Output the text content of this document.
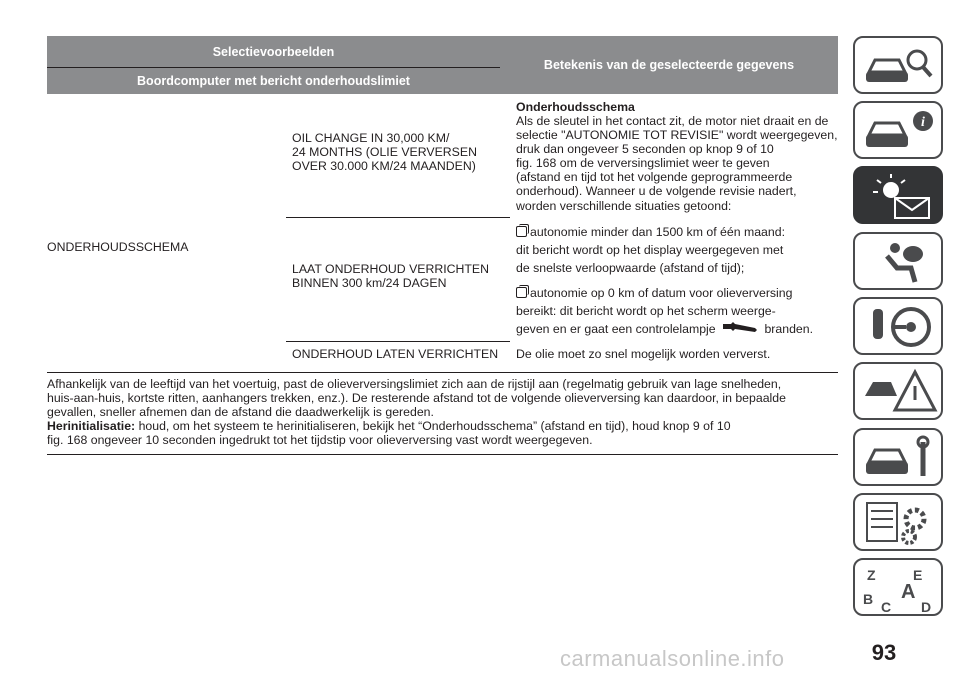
Selectievoorbeelden
Boordcomputer met bericht onderhoudslimiet
Betekenis van de geselecteerde gegevens
ONDERHOUDSSCHEMA
OIL CHANGE IN 30,000 KM/
24 MONTHS (OLIE VERVERSEN
OVER 30.000 KM/24 MAANDEN)
LAAT ONDERHOUD VERRICHTEN
BINNEN 300 km/24 DAGEN
ONDERHOUD LATEN VERRICHTEN
Onderhoudsschema
Als de sleutel in het contact zit, de motor niet draait en de
selectie "AUTONOMIE TOT REVISIE" wordt weergegeven,
druk dan ongeveer 5 seconden op knop 9 of 10
fig. 168 om de verversingslimiet weer te geven
(afstand en tijd tot het volgende geprogrammeerde
onderhoud). Wanneer u de volgende revisie nadert,
worden verschillende situaties getoond:
autonomie minder dan 1500 km of één maand:
dit bericht wordt op het display weergegeven met
de snelste verloopwaarde (afstand of tijd);
autonomie op 0 km of datum voor olieverversing
bereikt: dit bericht wordt op het scherm weerge-
geven en er gaat een controlelampje	branden.
De olie moet zo snel mogelijk worden ververst.
Afhankelijk van de leeftijd van het voertuig, past de olieverversingslimiet zich aan de rijstijl aan (regelmatig gebruik van lage snelheden,
huis-aan-huis, kortste ritten, aanhangers trekken, enz.). De resterende afstand tot de volgende olieverversing kan daardoor, in bepaalde
gevallen, sneller afnemen dan de afstand die daadwerkelijk is gereden.
Herinitialisatie: houd, om het systeem te herinitialiseren, bekijk het “Onderhoudsschema” (afstand en tijd), houd knop 9 of 10
fig. 168 ongeveer 10 seconden ingedrukt tot het tijdstip voor olieverversing vast wordt weergegeven.
i
Z	E
B C
A
D
93
carmanualsonline.info
